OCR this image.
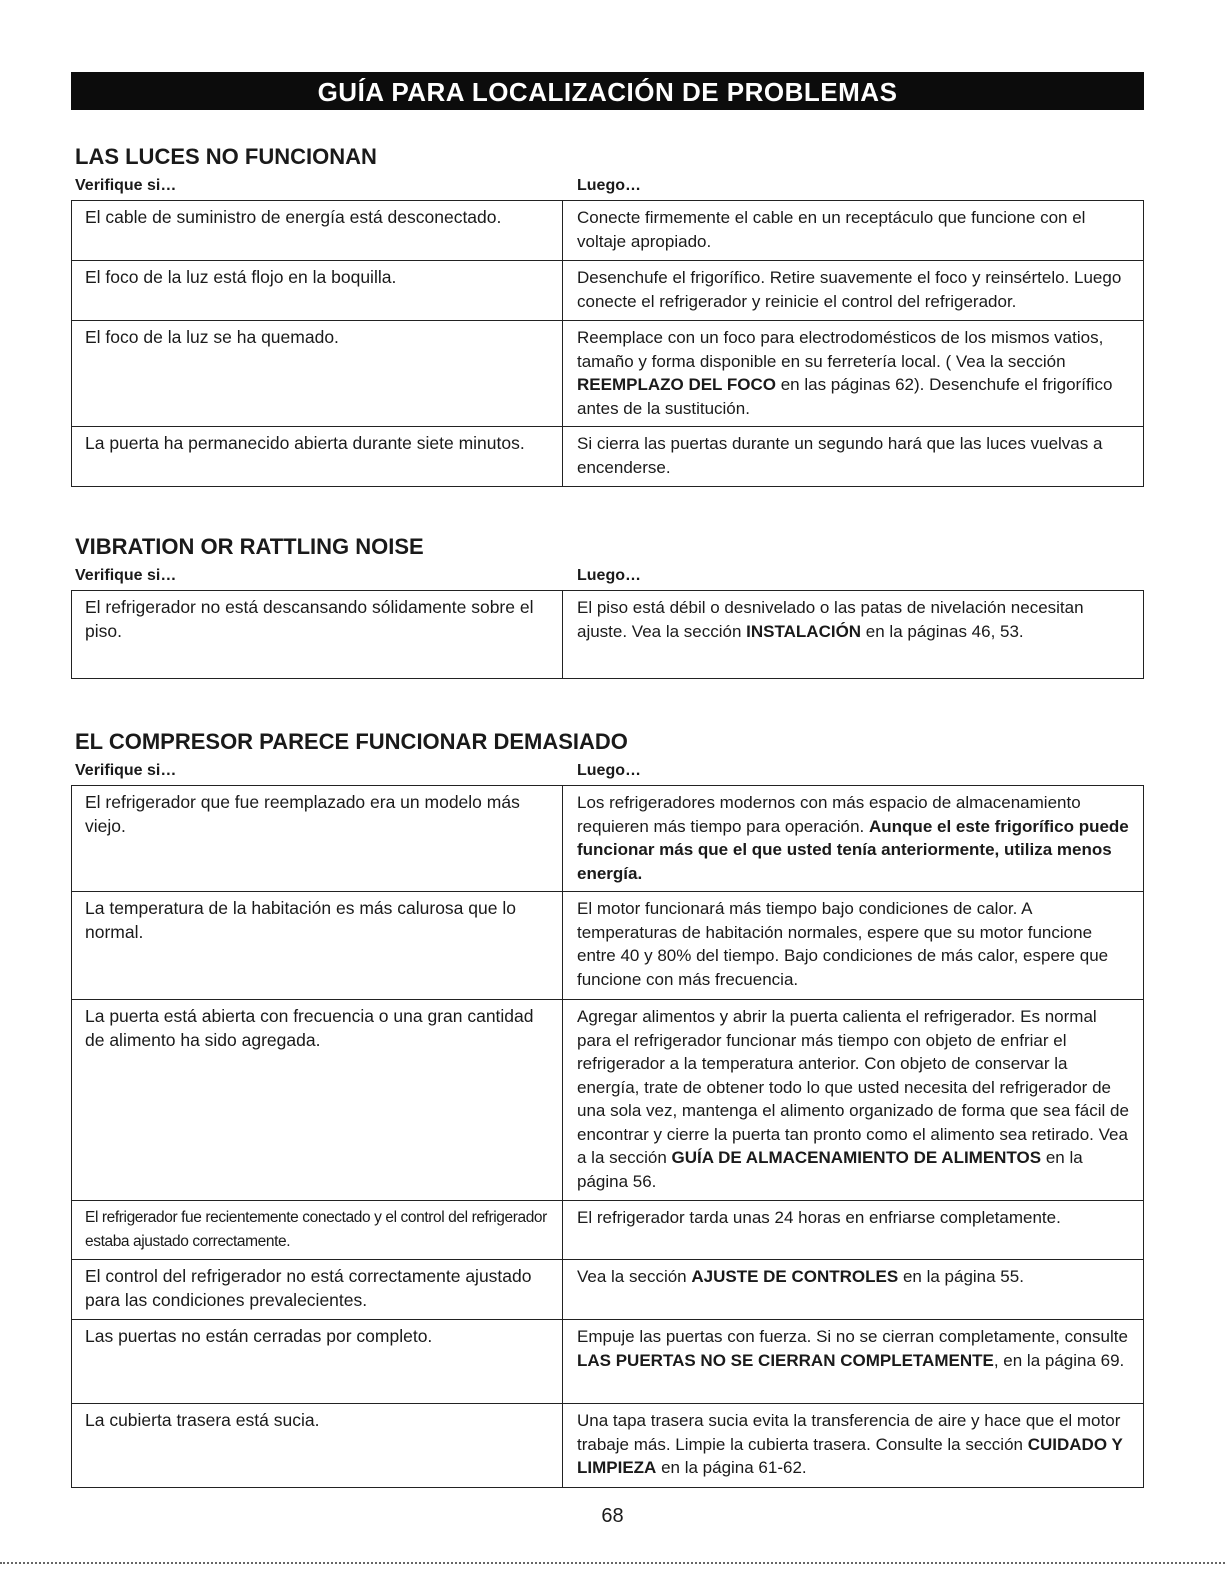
GUÍA PARA LOCALIZACIÓN DE PROBLEMAS
LAS LUCES NO FUNCIONAN
Verifique si…	Luego…
El cable de suministro de energía está desconectado.	Conecte firmemente el cable en un receptáculo que funcione con el voltaje apropiado.
El foco de la luz está flojo en la boquilla.	Desenchufe el frigorífico. Retire suavemente el foco y reinsértelo. Luego conecte el refrigerador y reinicie el control del refrigerador.
El foco de la luz se ha quemado.	Reemplace con un foco para electrodomésticos de los mismos vatios, tamaño y forma disponible en su ferretería local. ( Vea la sección REEMPLAZO DEL FOCO en las páginas 62). Desenchufe el frigorífico antes de la sustitución.
La puerta ha permanecido abierta durante siete minutos.	Si cierra las puertas durante un segundo hará que las luces vuelvas a encenderse.
VIBRATION OR RATTLING NOISE
Verifique si…	Luego…
El refrigerador no está descansando sólidamente sobre el piso.	El piso está débil o desnivelado o las patas de nivelación necesitan ajuste. Vea la sección INSTALACIÓN en la páginas 46, 53.
EL COMPRESOR PARECE FUNCIONAR DEMASIADO
Verifique si…	Luego…
El refrigerador que fue reemplazado era un modelo más viejo.	Los refrigeradores modernos con más espacio de almacenamiento requieren más tiempo para operación. Aunque el este frigorífico puede funcionar más que el que usted tenía anteriormente, utiliza menos energía.
La temperatura de la habitación es más calurosa que lo normal.	El motor funcionará más tiempo bajo condiciones de calor. A temperaturas de habitación normales, espere que su motor funcione entre 40 y 80% del tiempo. Bajo condiciones de más calor, espere que funcione con más frecuencia.
La puerta está abierta con frecuencia o una gran cantidad de alimento ha sido agregada.	Agregar alimentos y abrir la puerta calienta el refrigerador. Es normal para el refrigerador funcionar más tiempo con objeto de enfriar el refrigerador a la temperatura anterior. Con objeto de conservar la energía, trate de obtener todo lo que usted necesita del refrigerador de una sola vez, mantenga el alimento organizado de forma que sea fácil de encontrar y cierre la puerta tan pronto como el alimento sea retirado. Vea a la sección GUÍA DE ALMACENAMIENTO DE ALIMENTOS en la página 56.
El refrigerador fue recientemente conectado y el control del refrigerador estaba ajustado correctamente.	El refrigerador tarda unas 24 horas en enfriarse completamente.
El control del refrigerador no está correctamente ajustado para las condiciones prevalecientes.	Vea la sección AJUSTE DE CONTROLES en la página 55.
Las puertas no están cerradas por completo.	Empuje las puertas con fuerza. Si no se cierran completamente, consulte LAS PUERTAS NO SE CIERRAN COMPLETAMENTE, en la página 69.
La cubierta trasera está sucia.	Una tapa trasera sucia evita la transferencia de aire y hace que el motor trabaje más. Limpie la cubierta trasera. Consulte la sección CUIDADO Y LIMPIEZA en la página 61-62.
68
